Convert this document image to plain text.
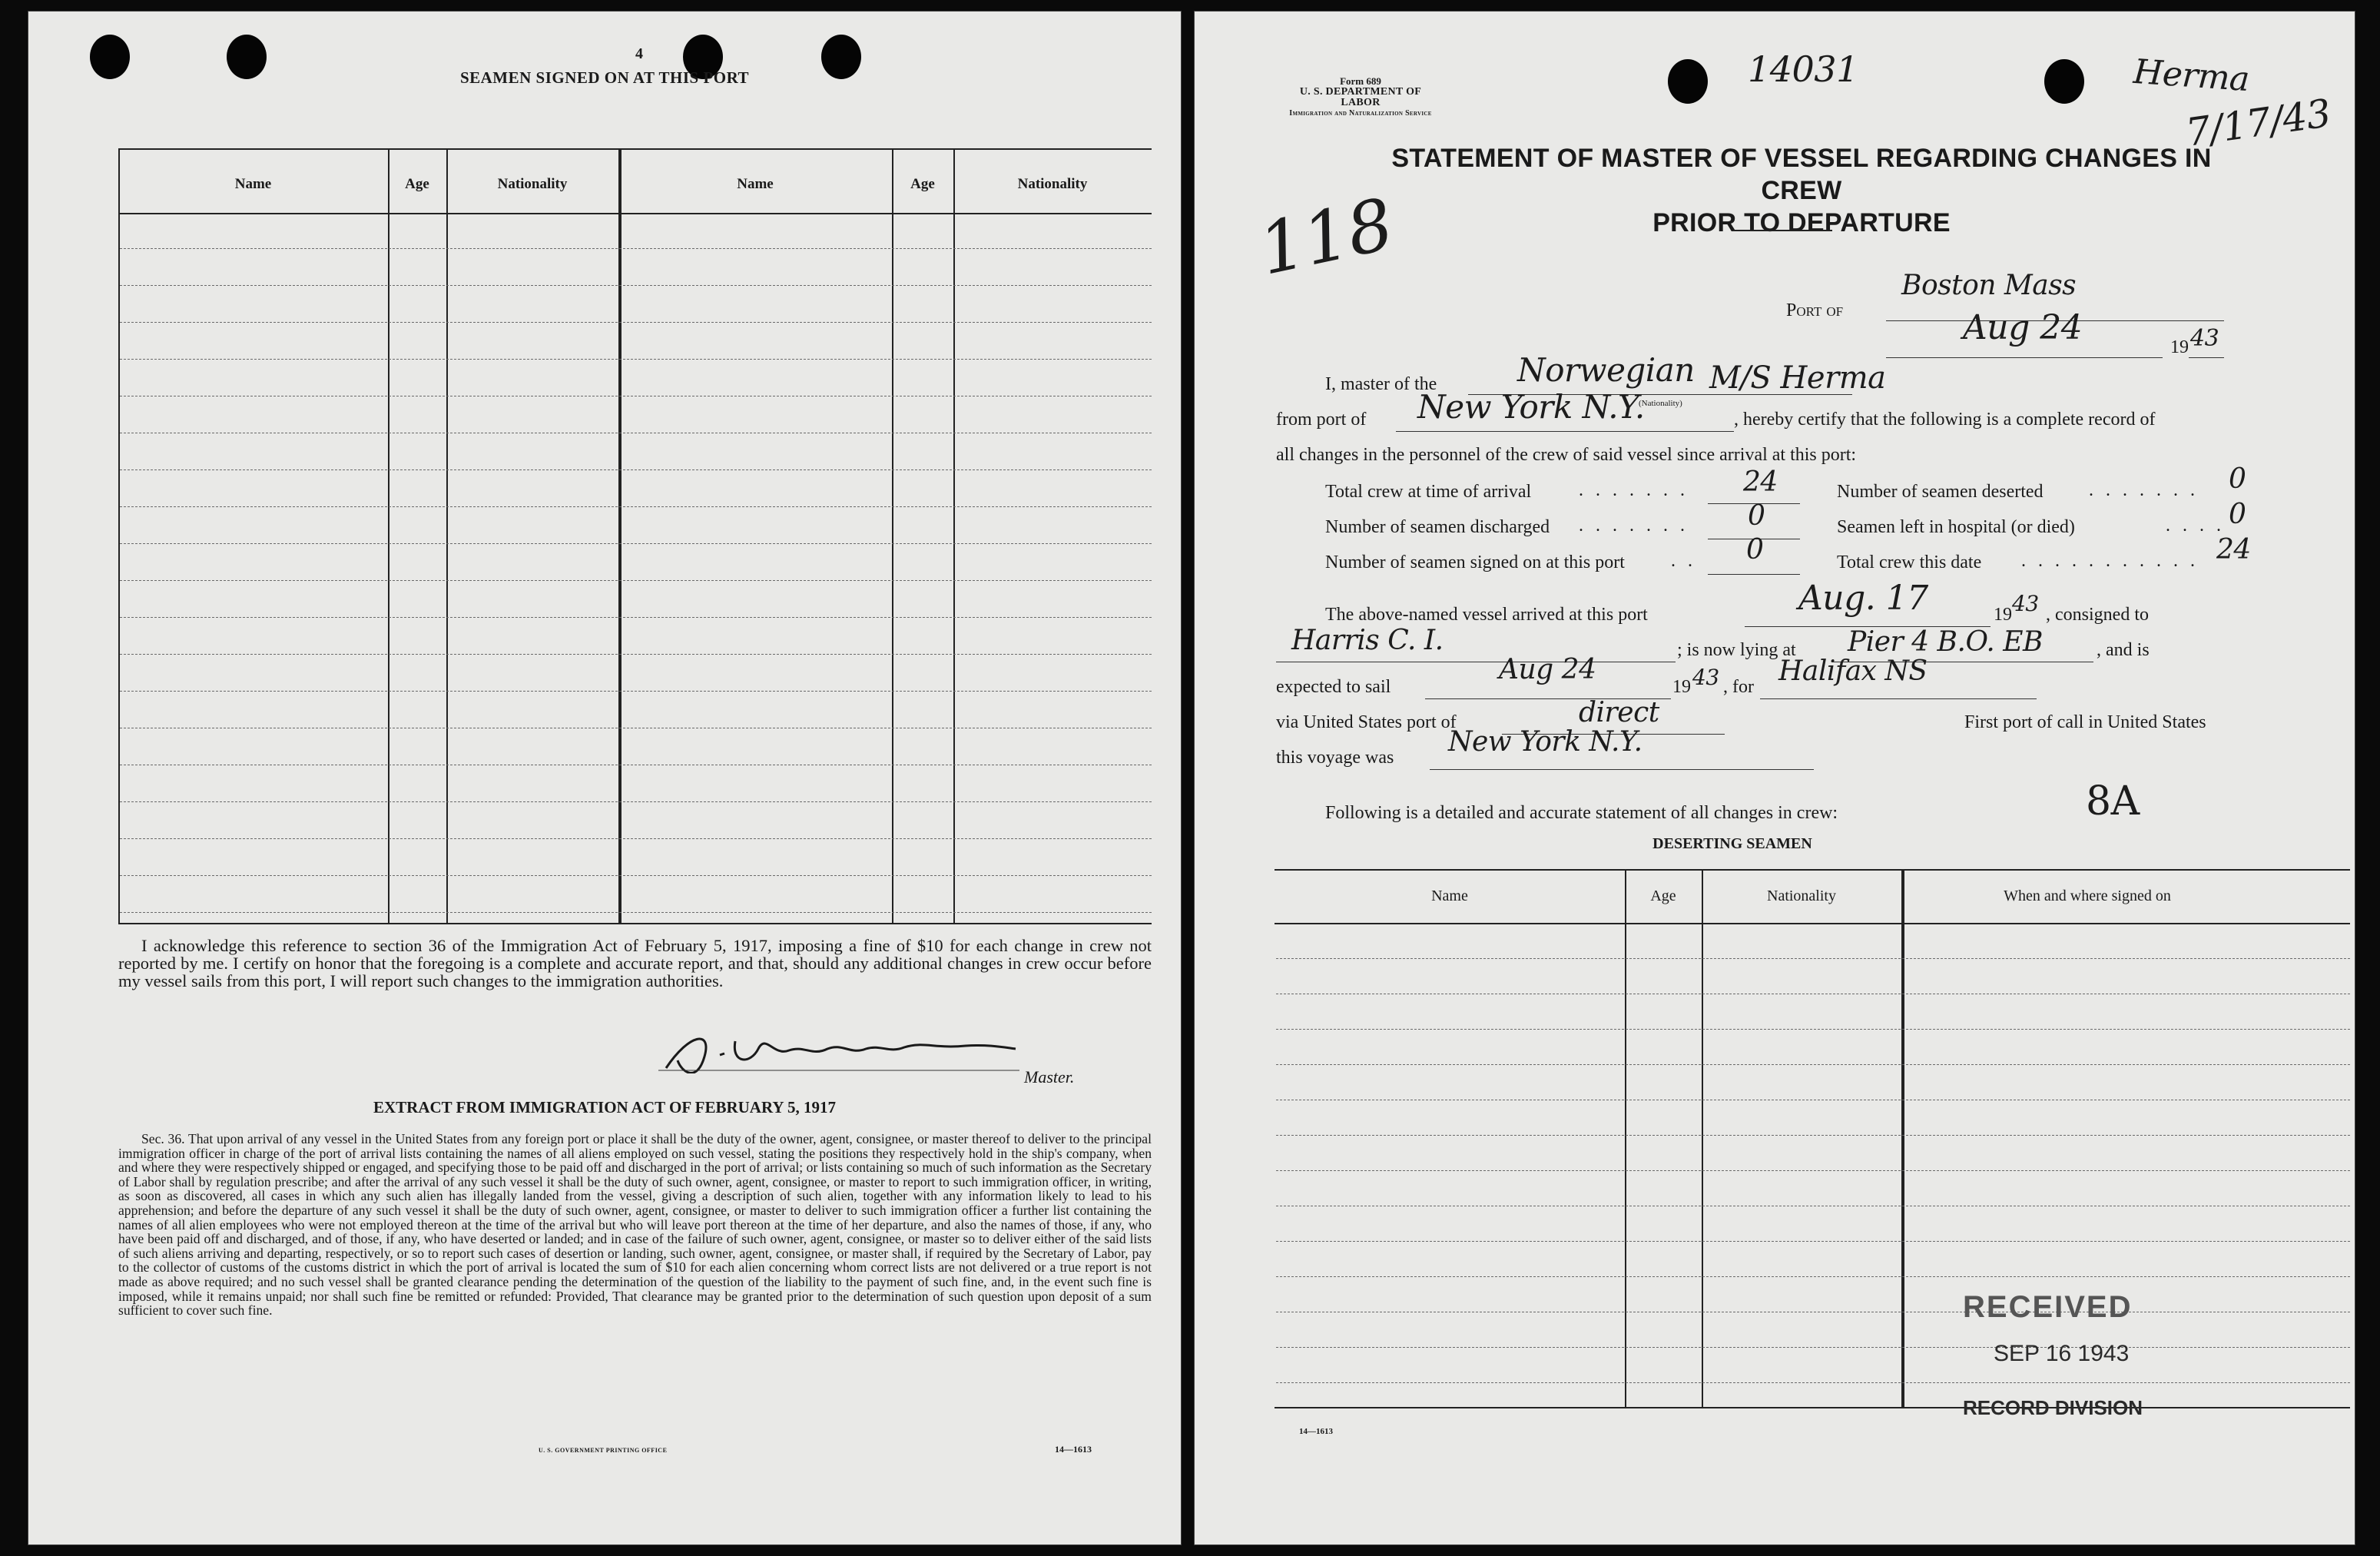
4
SEAMEN SIGNED ON AT THIS PORT
Name	Age	Nationality	Name	Age	Nationality

I acknowledge this reference to section 36 of the Immigration Act of February 5, 1917, imposing a fine of $10 for each change in crew not reported by me. I certify on honor that the foregoing is a complete and accurate report, and that, should any additional changes in crew occur before my vessel sails from this port, I will report such changes to the immigration authorities.

Master.
EXTRACT FROM IMMIGRATION ACT OF FEBRUARY 5, 1917

Sec. 36. That upon arrival of any vessel in the United States from any foreign port or place it shall be the duty of the owner, agent, consignee, or master thereof to deliver to the principal immigration officer in charge of the port of arrival lists containing the names of all aliens employed on such vessel, stating the positions they respectively hold in the ship's company, when and where they were respectively shipped or engaged, and specifying those to be paid off and discharged in the port of arrival; or lists containing so much of such information as the Secretary of Labor shall by regulation prescribe; and after the arrival of any such vessel it shall be the duty of such owner, agent, consignee, or master to report to such immigration officer, in writing, as soon as discovered, all cases in which any such alien has illegally landed from the vessel, giving a description of such alien, together with any information likely to lead to his apprehension; and before the departure of any such vessel it shall be the duty of such owner, agent, consignee, or master to deliver to such immigration officer a further list containing the names of all alien employees who were not employed thereon at the time of the arrival but who will leave port thereon at the time of her departure, and also the names of those, if any, who have been paid off and discharged, and of those, if any, who have deserted or landed; and in case of the failure of such owner, agent, consignee, or master so to deliver either of the said lists of such aliens arriving and departing, respectively, or so to report such cases of desertion or landing, such owner, agent, consignee, or master shall, if required by the Secretary of Labor, pay to the collector of customs of the customs district in which the port of arrival is located the sum of $10 for each alien concerning whom correct lists are not delivered or a true report is not made as above required; and no such vessel shall be granted clearance pending the determination of the question of the liability to the payment of such fine, and, in the event such fine is imposed, while it remains unpaid; nor shall such fine be remitted or refunded: Provided, That clearance may be granted prior to the determination of such question upon deposit of a sum sufficient to cover such fine.

U. S. GOVERNMENT PRINTING OFFICE	14—1613
Form 689
U. S. DEPARTMENT OF LABOR
Immigration and Naturalization Service
14031	Herma
7/17/43
118
STATEMENT OF MASTER OF VESSEL REGARDING CHANGES IN CREW
PRIOR TO DEPARTURE
Port of
Boston Mass
Aug 24	19 43
I, master of the Norwegian M/S Herma
(Nationality)
from port of New York N.Y.	, hereby certify that the following is a complete record of
all changes in the personnel of the crew of said vessel since arrival at this port:
Total crew at time of arrival	. . . . . . . 24	Number of seamen deserted . . . . . . . 0
Number of seamen discharged . . . . . . . 0	Seamen left in hospital (or died)	. . . . 0
Number of seamen signed on at this port	. . 0	Total crew this date . . . . . . . . . . . 24
The above-named vessel arrived at this port	Aug. 17	19 43 , consigned to
Harris C. I.	; is now lying at Pier 4 B.O. EB	, and is
expected to sail
Aug 24
19 43 , for Halifax NS
via United States port of	direct	First port of call in United States
this voyage was New York N.Y.
Following is a detailed and accurate statement of all changes in crew:	8A
DESERTING SEAMEN
Name	Age	Nationality	When and where signed on
RECEIVED
SEP 16 1943
RECORD DIVISION
14—1613
